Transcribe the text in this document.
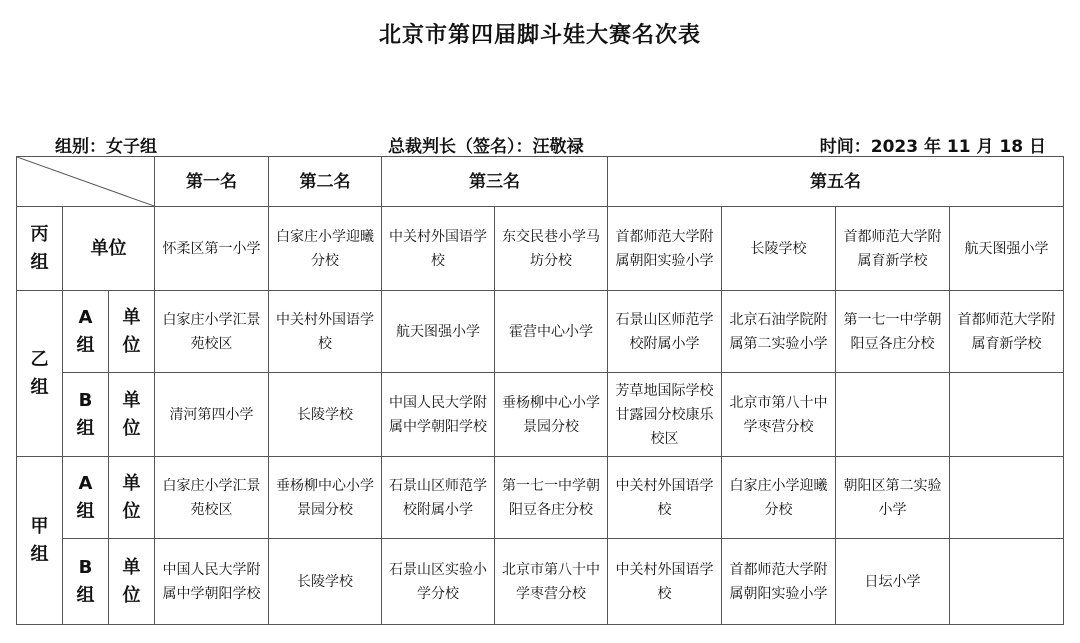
北京市第四届脚斗娃大赛名次表
组别：女子组	总裁判长（签名）：汪敬禄	时间：2023 年 11 月 18 日
	第一名	第二名	第三名		第五名			
丙组	单位		怀柔区第一小学	白家庄小学迎曦分校	中关村外国语学校	东交民巷小学马坊分校	首都师范大学附属朝阳实验小学	长陵学校	首都师范大学附属育新学校	航天图强小学
乙组	A组	单位	白家庄小学汇景苑校区	中关村外国语学校	航天图强小学	霍营中心小学	石景山区师范学校附属小学	北京石油学院附属第二实验小学	第一七一中学朝阳豆各庄分校	首都师范大学附属育新学校
	B组	单位	清河第四小学	长陵学校	中国人民大学附属中学朝阳学校	垂杨柳中心小学景园分校	芳草地国际学校甘露园分校康乐校区	北京市第八十中学枣营分校		
甲组	A组	单位	白家庄小学汇景苑校区	垂杨柳中心小学景园分校	石景山区师范学校附属小学	第一七一中学朝阳豆各庄分校	中关村外国语学校	白家庄小学迎曦分校	朝阳区第二实验小学	
	B组	单位	中国人民大学附属中学朝阳学校	长陵学校	石景山区实验小学分校	北京市第八十中学枣营分校	中关村外国语学校	首都师范大学附属朝阳实验小学	日坛小学	
